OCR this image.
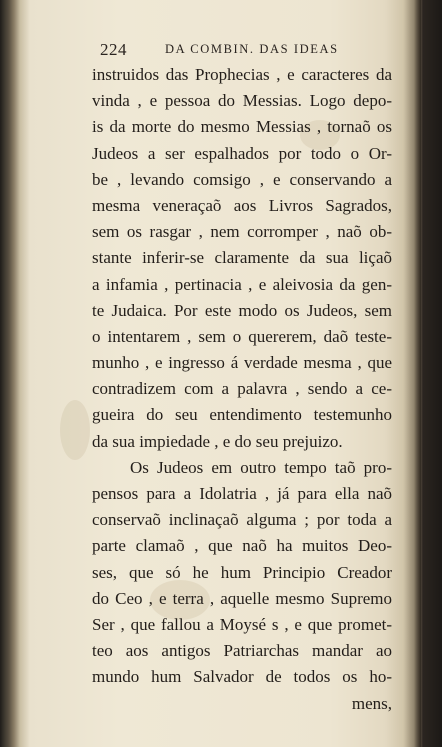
224	DA COMBIN. DAS IDEAS
instruidos das Prophecias , e caracteres da
vinda , e pessoa do Messias. Logo depo-
is da morte do mesmo Messias , tornaõ os
Judeos a ser espalhados por todo o Or-
be , levando comsigo , e conservando a
mesma veneraçaõ aos Livros Sagrados,
sem os rasgar , nem corromper , naõ ob-
stante inferir-se claramente da sua liçaõ
a infamia , pertinacia , e aleivosia da gen-
te Judaica. Por este modo os Judeos, sem
o intentarem , sem o quererem, daõ teste-
munho , e ingresso á verdade mesma , que
contradizem com a palavra , sendo a ce-
gueira do seu entendimento testemunho
da sua impiedade , e do seu prejuizo.
Os Judeos em outro tempo taõ pro-
pensos para a Idolatria , já para ella naõ
conservaõ inclinaçaõ alguma ; por toda a
parte clamaõ , que naõ ha muitos Deo-
ses, que só he hum Principio Creador
do Ceo , e terra , aquelle mesmo Supremo
Ser , que fallou a Moysé s , e que promet-
teo aos antigos Patriarchas mandar ao
mundo hum Salvador de todos os ho-
mens,
